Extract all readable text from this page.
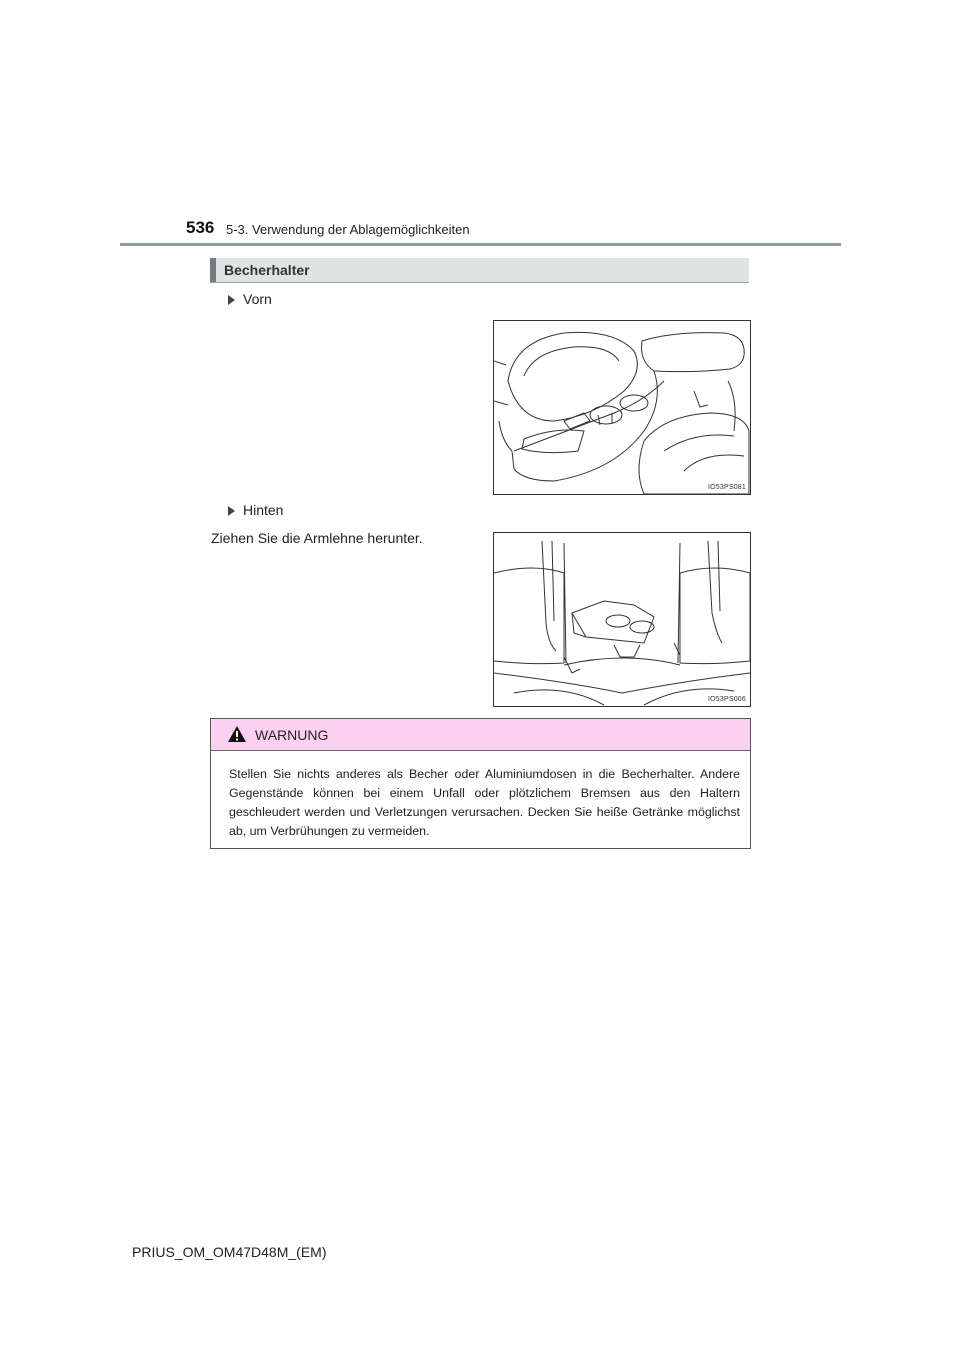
536 5-3. Verwendung der Ablagemöglichkeiten
Becherhalter
Vorn
IO53PS081
Hinten
Ziehen Sie die Armlehne herunter.
IO53PS006
WARNUNG
Stellen Sie nichts anderes als Becher oder Aluminiumdosen in die Becherhalter. Andere Gegenstände können bei einem Unfall oder plötzlichem Bremsen aus den Haltern geschleudert werden und Verletzungen verursachen. Decken Sie heiße Getränke möglichst ab, um Verbrühungen zu vermeiden.
PRIUS_OM_OM47D48M_(EM)
